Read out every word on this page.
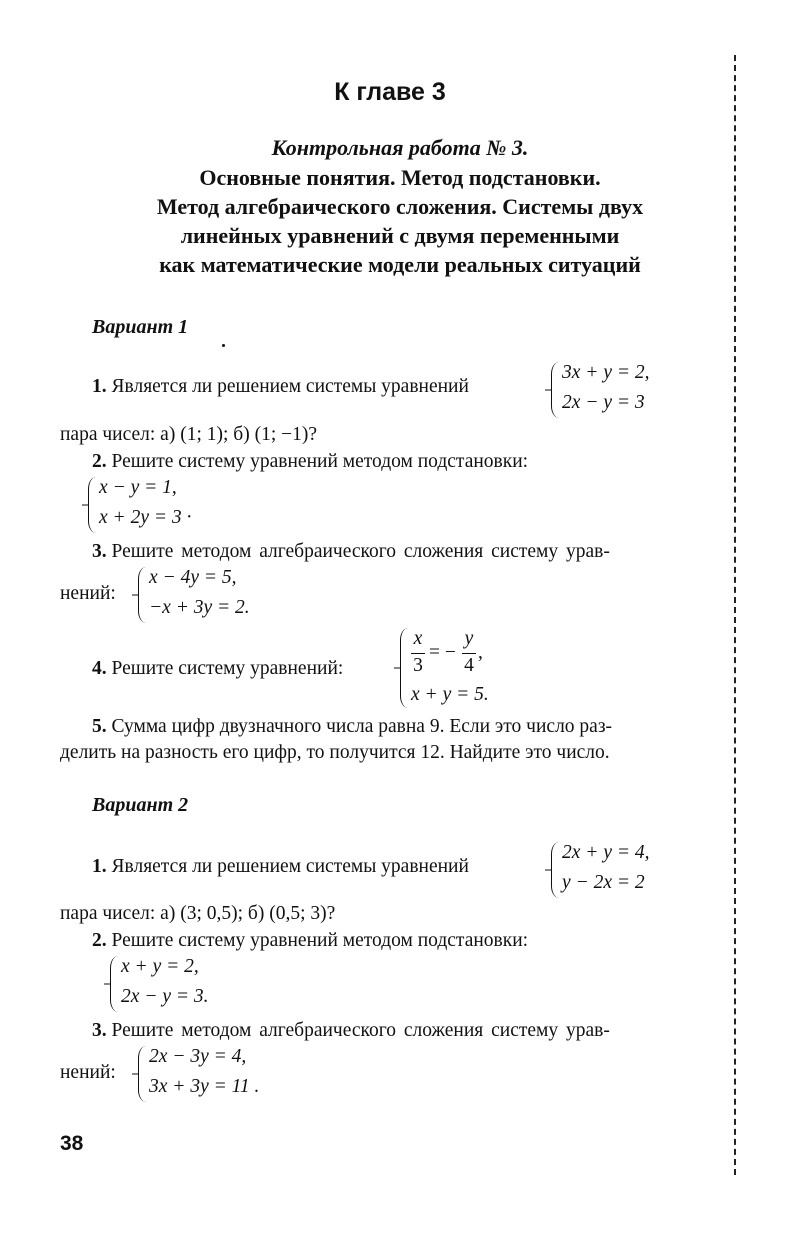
К главе 3
Контрольная работа № 3.
Основные понятия. Метод подстановки.
Метод алгебраического сложения. Системы двух
линейных уравнений с двумя переменными
как математические модели реальных ситуаций
Вариант 1
1. Является ли решением системы уравнений
3x + y = 2,
2x − y = 3
пара чисел: а) (1; 1); б) (1; −1)?
2. Решите систему уравнений методом подстановки:
x − y = 1,
x + 2y = 3 ·
3. Решите методом алгебраического сложения систему урав-
нений:
x − 4y = 5,
−x + 3y = 2.
4. Решите систему уравнений:
x
3
= −
y
4
,
x + y = 5.
5. Сумма цифр двузначного числа равна 9. Если это число раз-
делить на разность его цифр, то получится 12. Найдите это число.
Вариант 2
1. Является ли решением системы уравнений
2x + y = 4,
y − 2x = 2
пара чисел: а) (3; 0,5); б) (0,5; 3)?
2. Решите систему уравнений методом подстановки:
x + y = 2,
2x − y = 3.
3. Решите методом алгебраического сложения систему урав-
нений:
2x − 3y = 4,
3x + 3y = 11 .
38
